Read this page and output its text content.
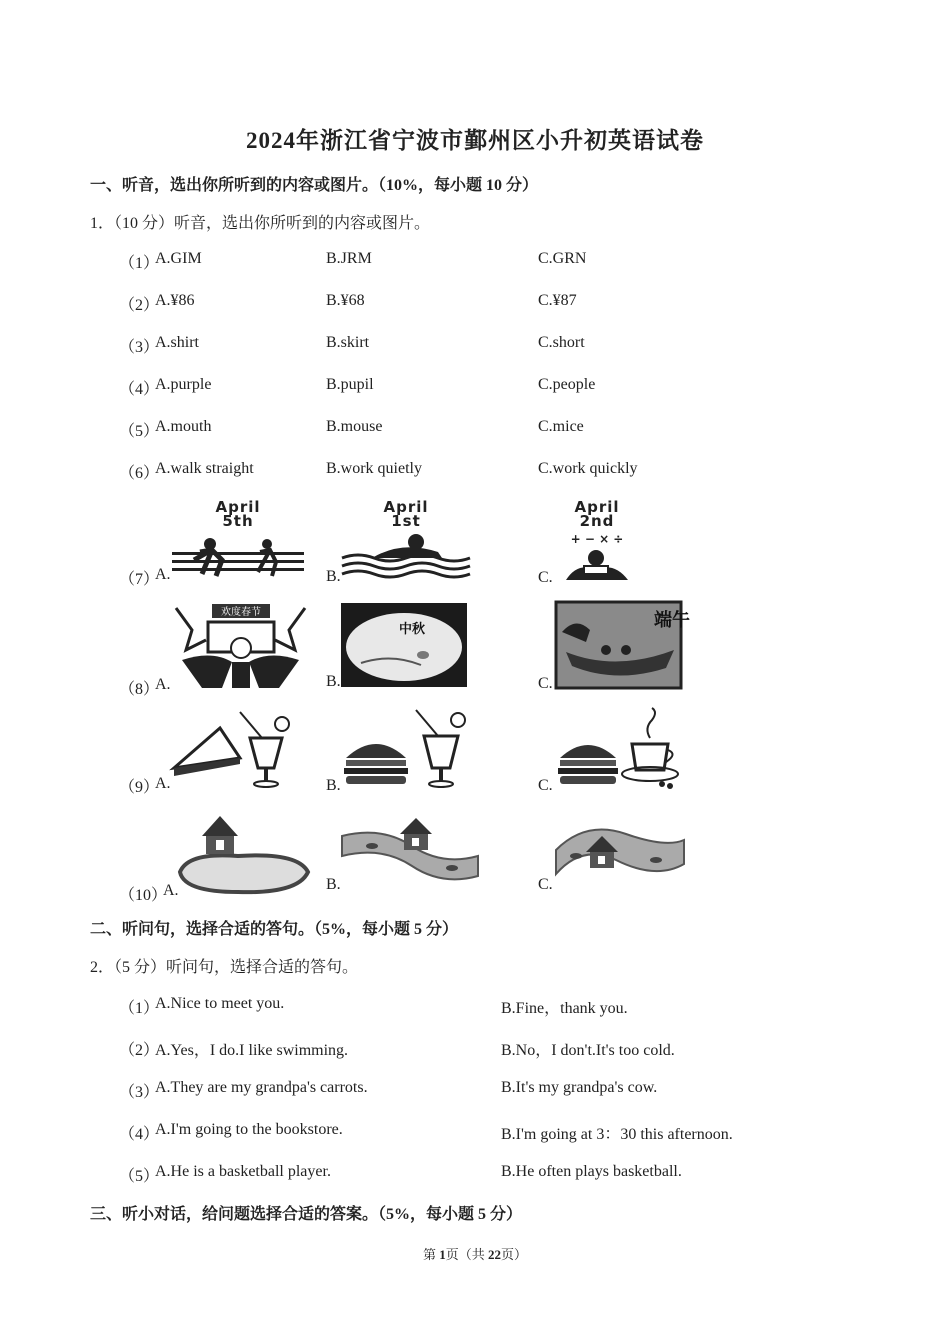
2024年浙江省宁波市鄞州区小升初英语试卷
一、听音，选出你所听到的内容或图片。（10%，每小题 10 分）
1．（10 分）听音，选出你所听到的内容或图片。
（1）
A.GIM	B.JRM	C.GRN
（2）
A.¥86	B.¥68	C.¥87
（3）
A.shirt	B.skirt	C.short
（4）
A.purple	B.pupil	C.people
（5）
A.mouth	B.mouse	C.mice
（6）
A.walk straight	B.work quietly	C.work quickly
（7）
A.	B.	C.
April
5th
April
1st
April
2nd
+ − × ÷
（8）
A.	B.	C.
欢度春节
中秋	端午
（9）
A.	B.	C.
（10）
A.	B.	C.
二、听问句，选择合适的答句。（5%，每小题 5 分）
2．（5 分）听问句，选择合适的答句。
（1）
A.Nice to meet you.	B.Fine，thank you.
（2）
A.Yes，I do.I like swimming.	B.No，I don't.It's too cold.
（3）
A.They are my grandpa's carrots.	B.It's my grandpa's cow.
（4）
A.I'm going to the bookstore.	B.I'm going at 3：30 this afternoon.
（5）
A.He is a basketball player.	B.He often plays basketball.
三、听小对话，给问题选择合适的答案。（5%，每小题 5 分）
第 1页（共 22页）
